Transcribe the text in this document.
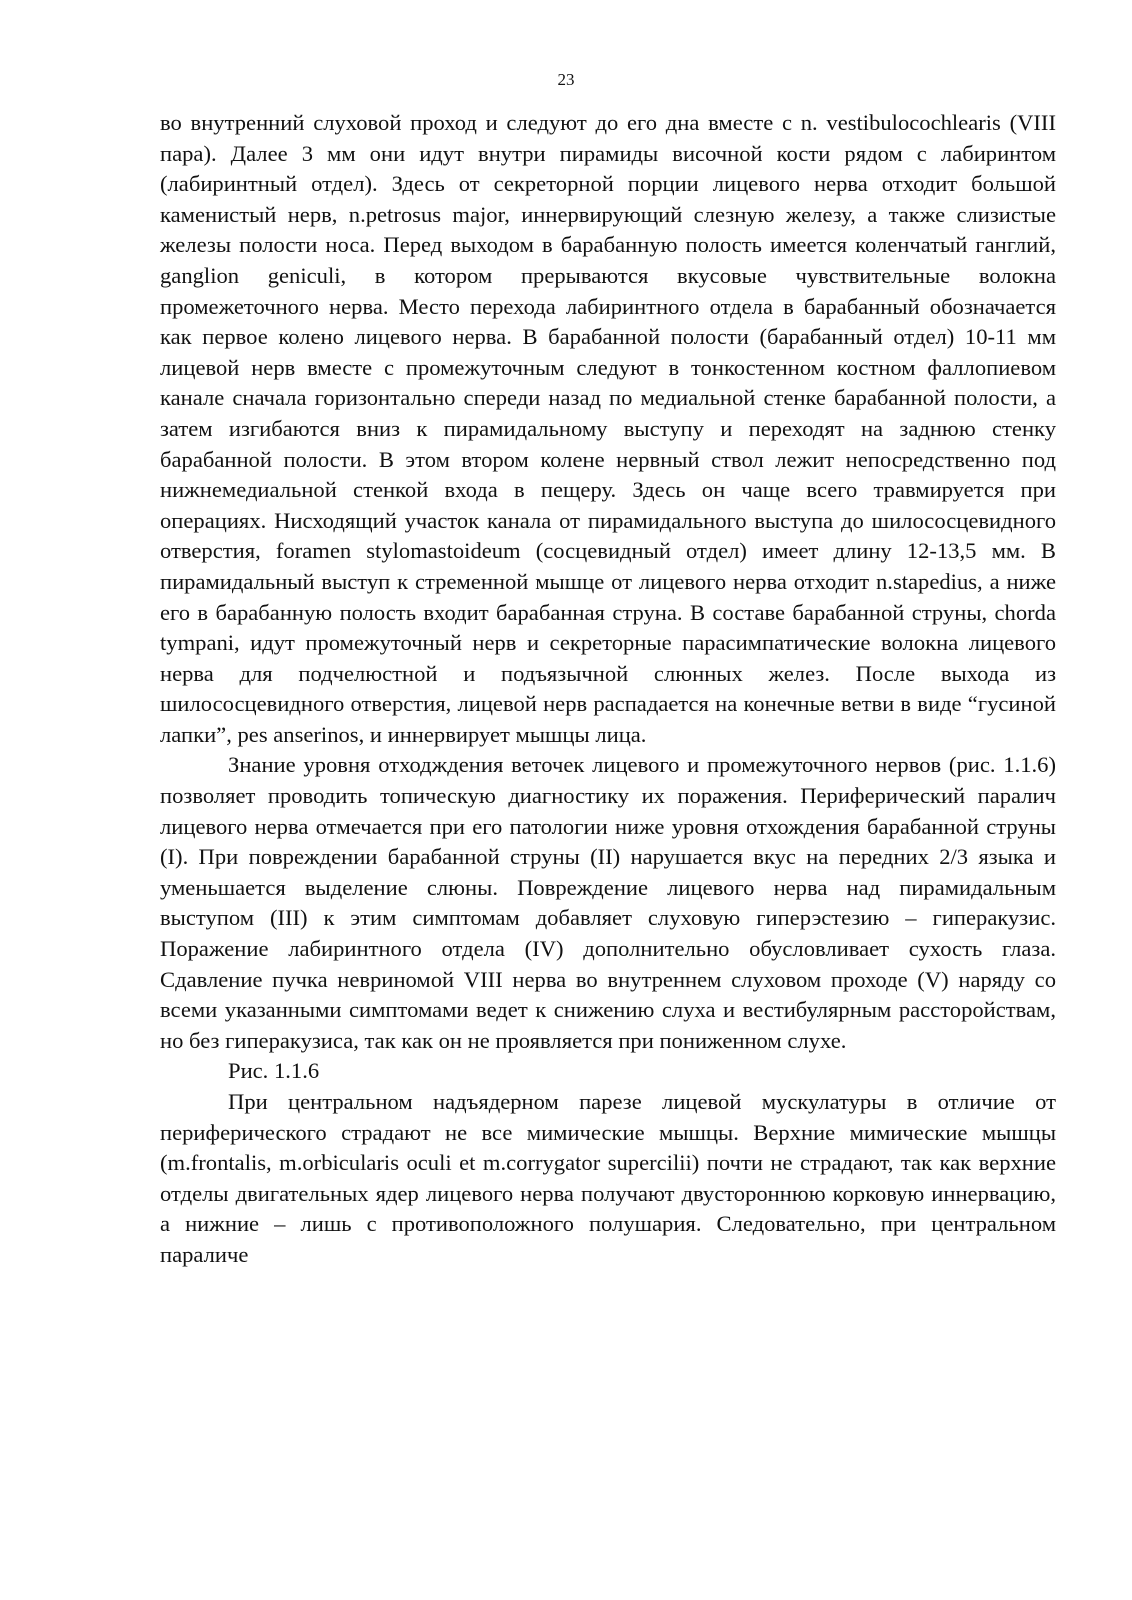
23

во внутренний слуховой проход и следуют до его дна вместе с n. vestibulocochlearis (VIII пара). Далее 3 мм они идут внутри пирамиды височной кости рядом с лабиринтом (лабиринтный отдел). Здесь от секреторной порции лицевого нерва отходит большой каменистый нерв, n.petrosus major, иннервирующий слезную железу, а также слизистые железы полости носа. Перед выходом в барабанную полость имеется коленчатый ганглий, ganglion geniculi, в котором прерываются вкусовые чувствительные волокна промежеточного нерва. Место перехода лабиринтного отдела в барабанный обозначается как первое колено лицевого нерва. В барабанной полости (барабанный отдел) 10-11 мм лицевой нерв вместе с промежуточным следуют в тонкостенном костном фаллопиевом канале сначала горизонтально спереди назад по медиальной стенке барабанной полости, а затем изгибаются вниз к пирамидальному выступу и переходят на заднюю стенку барабанной полости. В этом втором колене нервный ствол лежит непосредственно под нижнемедиальной стенкой входа в пещеру. Здесь он чаще всего травмируется при операциях. Нисходящий участок канала от пирамидального выступа до шилососцевидного отверстия, foramen stylomastoideum (сосцевидный отдел) имеет длину 12-13,5 мм. В пирамидальный выступ к стременной мышце от лицевого нерва отходит n.stapedius, а ниже его в барабанную полость входит барабанная струна. В составе барабанной струны, chorda tympani, идут промежуточный нерв и секреторные парасимпатические волокна лицевого нерва для подчелюстной и подъязычной слюнных желез. После выхода из шилососцевидного отверстия, лицевой нерв распадается на конечные ветви в виде “гусиной лапки”, pes anserinos, и иннервирует мышцы лица.

Знание уровня отходждения веточек лицевого и промежуточного нервов (рис. 1.1.6) позволяет проводить топическую диагностику их поражения. Периферический паралич лицевого нерва отмечается при его патологии ниже уровня отхождения барабанной струны (I). При повреждении барабанной струны (II) нарушается вкус на передних 2/3 языка и уменьшается выделение слюны. Повреждение лицевого нерва над пирамидальным выступом (III) к этим симптомам добавляет слуховую гиперэстезию – гиперакузис. Поражение лабиринтного отдела (IV) дополнительно обусловливает сухость глаза. Сдавление пучка невриномой VIII нерва во внутреннем слуховом проходе (V) наряду со всеми указанными симптомами ведет к снижению слуха и вестибулярным рассторойствам, но без гиперакузиса, так как он не проявляется при пониженном слухе.

Рис. 1.1.6

При центральном надъядерном парезе лицевой мускулатуры в отличие от периферического страдают не все мимические мышцы. Верхние мимические мышцы (m.frontalis, m.orbicularis oculi et m.corrygator supercilii) почти не страдают, так как верхние отделы двигательных ядер лицевого нерва получают двустороннюю корковую иннервацию, а нижние – лишь с противоположного полушария. Следовательно, при центральном параличе
